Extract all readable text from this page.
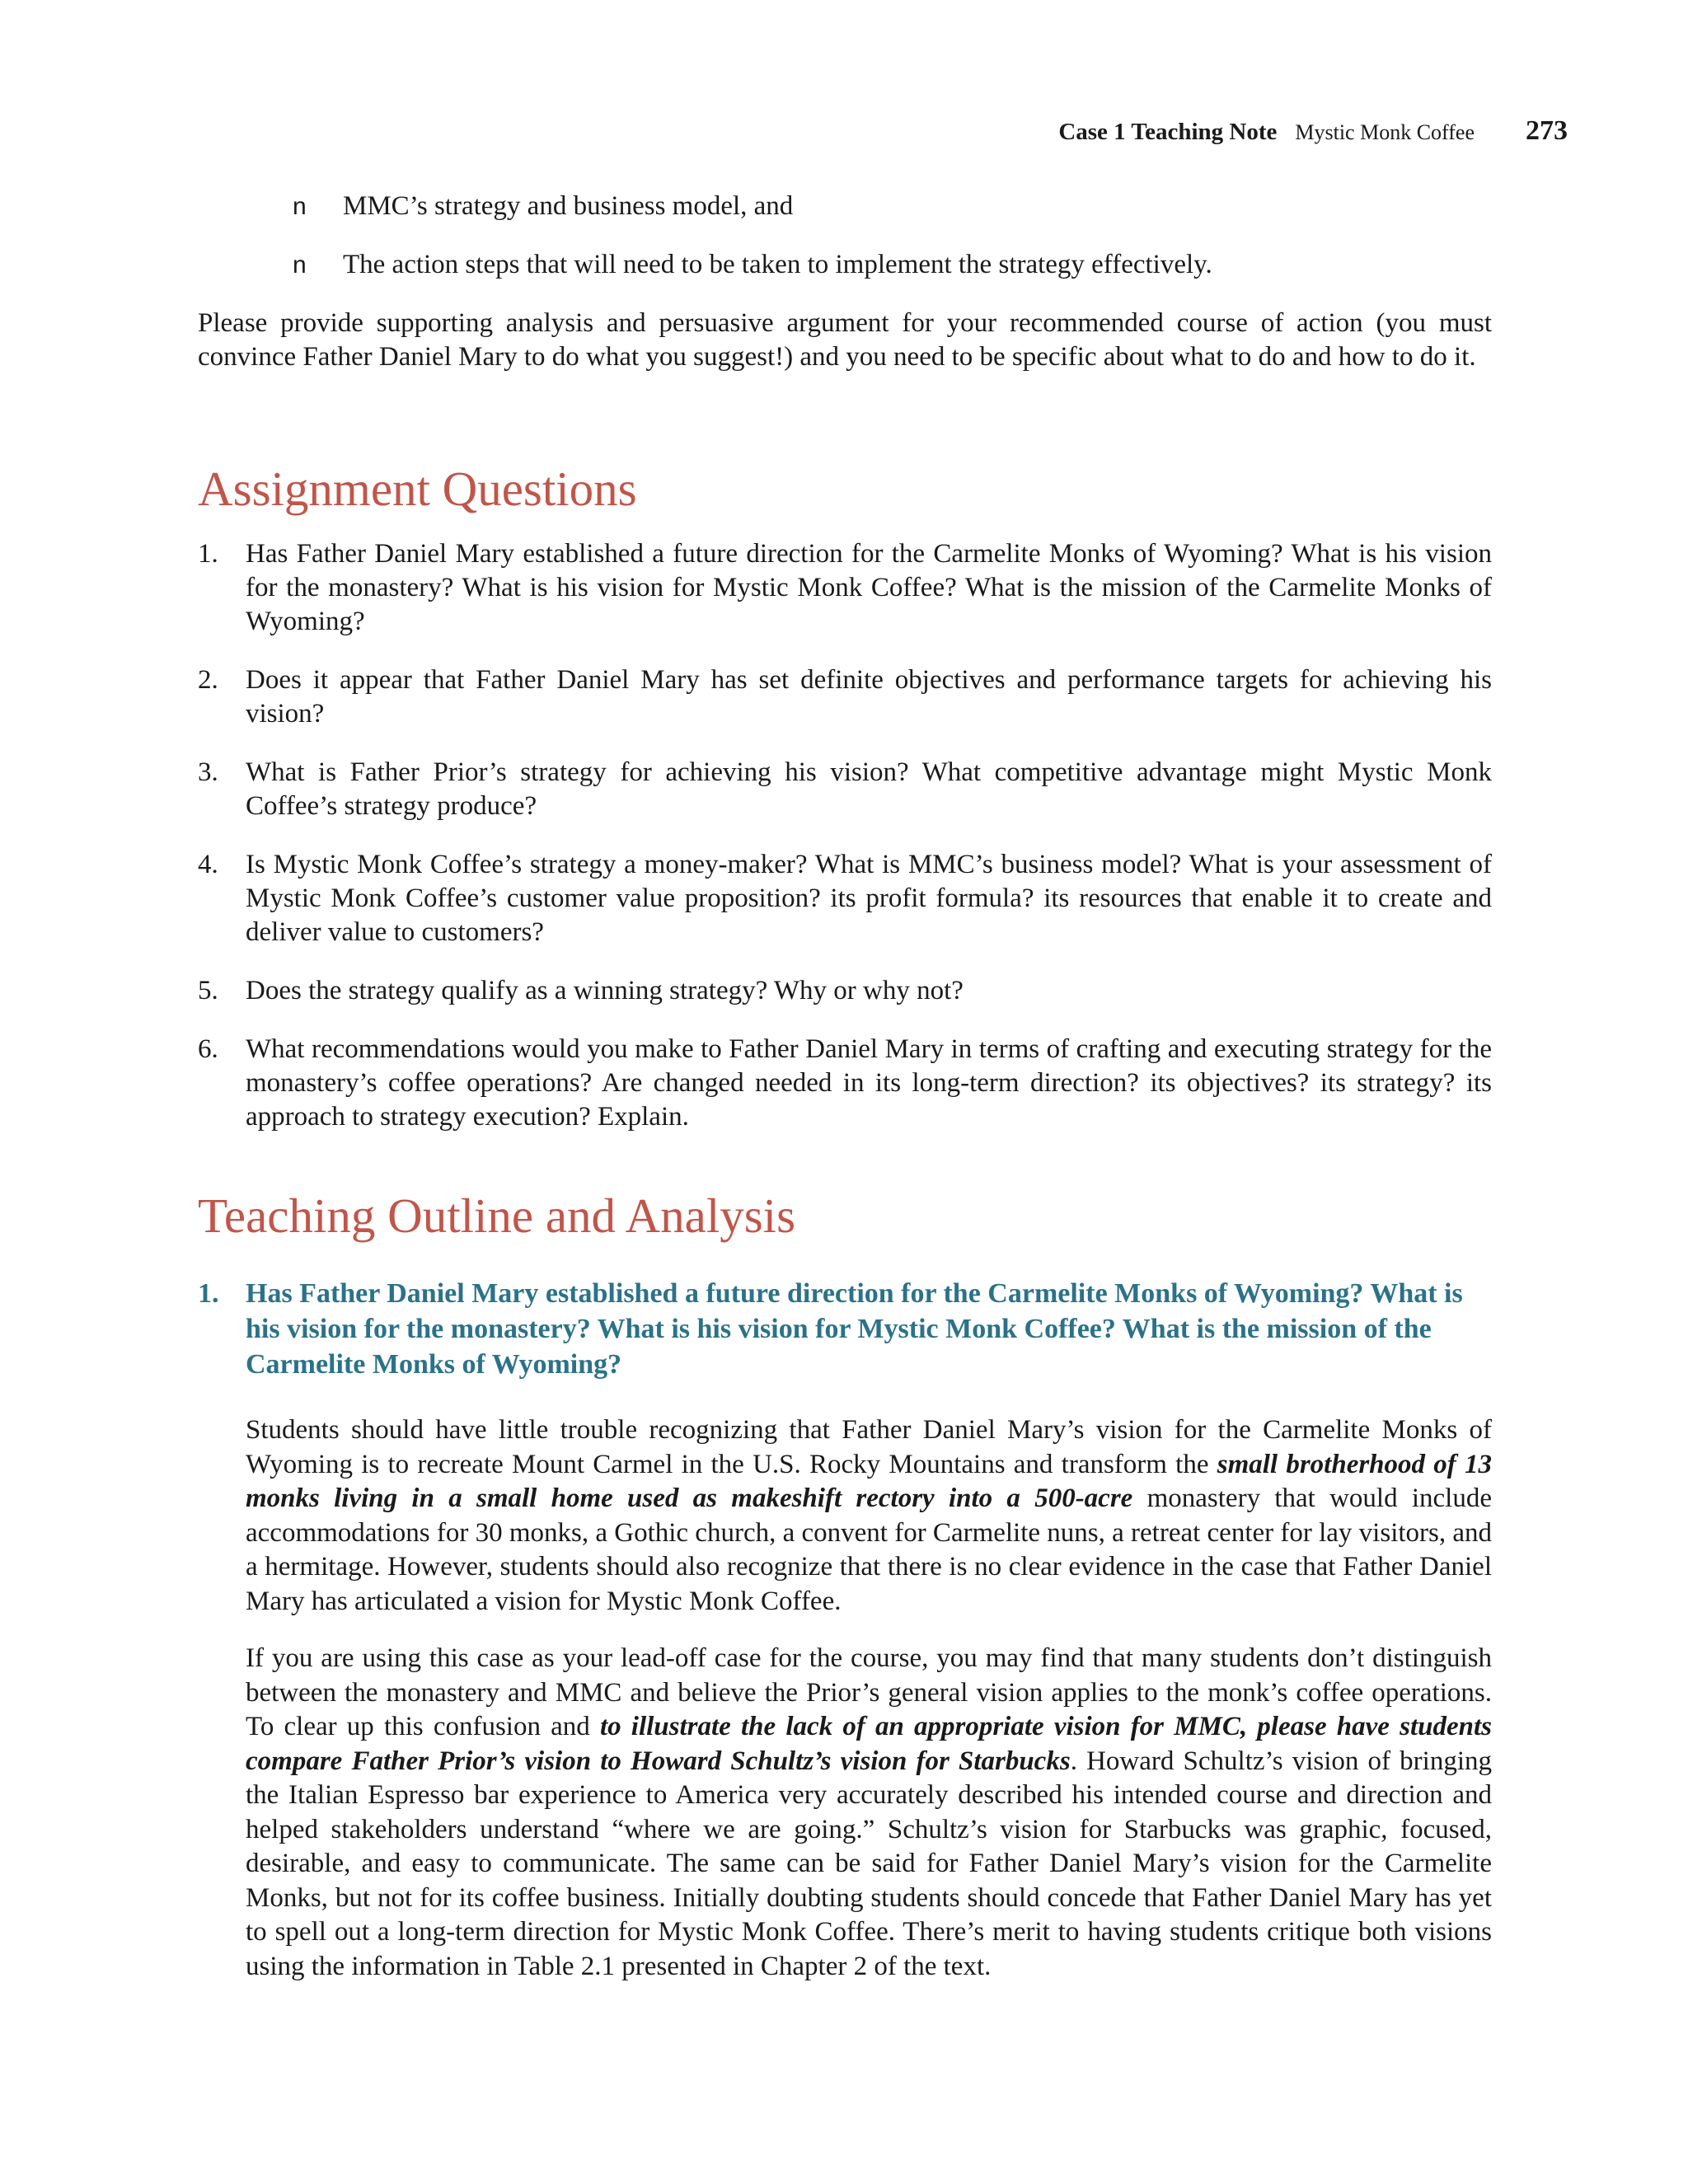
Case 1 Teaching Note Mystic Monk Coffee 273
n	MMC’s strategy and business model, and
n	The action steps that will need to be taken to implement the strategy effectively.

Please provide supporting analysis and persuasive argument for your recommended course of action (you must convince Father Daniel Mary to do what you suggest!) and you need to be specific about what to do and how to do it.

Assignment Questions
1.	Has Father Daniel Mary established a future direction for the Carmelite Monks of Wyoming? What is his vision for the monastery? What is his vision for Mystic Monk Coffee? What is the mission of the Carmelite Monks of Wyoming?
2.	Does it appear that Father Daniel Mary has set definite objectives and performance targets for achieving his vision?
3.	What is Father Prior’s strategy for achieving his vision? What competitive advantage might Mystic Monk Coffee’s strategy produce?
4.	Is Mystic Monk Coffee’s strategy a money-maker? What is MMC’s business model? What is your assessment of Mystic Monk Coffee’s customer value proposition? its profit formula? its resources that enable it to create and deliver value to customers?
5.	Does the strategy qualify as a winning strategy? Why or why not?
6.	What recommendations would you make to Father Daniel Mary in terms of crafting and executing strategy for the monastery’s coffee operations? Are changed needed in its long-term direction? its objectives? its strategy? its approach to strategy execution? Explain.
Teaching Outline and Analysis
1. Has Father Daniel Mary established a future direction for the Carmelite Monks of Wyoming? What is his vision for the monastery? What is his vision for Mystic Monk Coffee? What is the mission of the Carmelite Monks of Wyoming?

Students should have little trouble recognizing that Father Daniel Mary’s vision for the Carmelite Monks of Wyoming is to recreate Mount Carmel in the U.S. Rocky Mountains and transform the small brotherhood of 13 monks living in a small home used as makeshift rectory into a 500-acre monastery that would include accommodations for 30 monks, a Gothic church, a convent for Carmelite nuns, a retreat center for lay visitors, and a hermitage. However, students should also recognize that there is no clear evidence in the case that Father Daniel Mary has articulated a vision for Mystic Monk Coffee.

If you are using this case as your lead-off case for the course, you may find that many students don’t distinguish between the monastery and MMC and believe the Prior’s general vision applies to the monk’s coffee operations. To clear up this confusion and to illustrate the lack of an appropriate vision for MMC, please have students compare Father Prior’s vision to Howard Schultz’s vision for Starbucks. Howard Schultz’s vision of bringing the Italian Espresso bar experience to America very accurately described his intended course and direction and helped stakeholders understand “where we are going.” Schultz’s vision for Starbucks was graphic, focused, desirable, and easy to communicate. The same can be said for Father Daniel Mary’s vision for the Carmelite Monks, but not for its coffee business. Initially doubting students should concede that Father Daniel Mary has yet to spell out a long-term direction for Mystic Monk Coffee. There’s merit to having students critique both visions using the information in Table 2.1 presented in Chapter 2 of the text.
